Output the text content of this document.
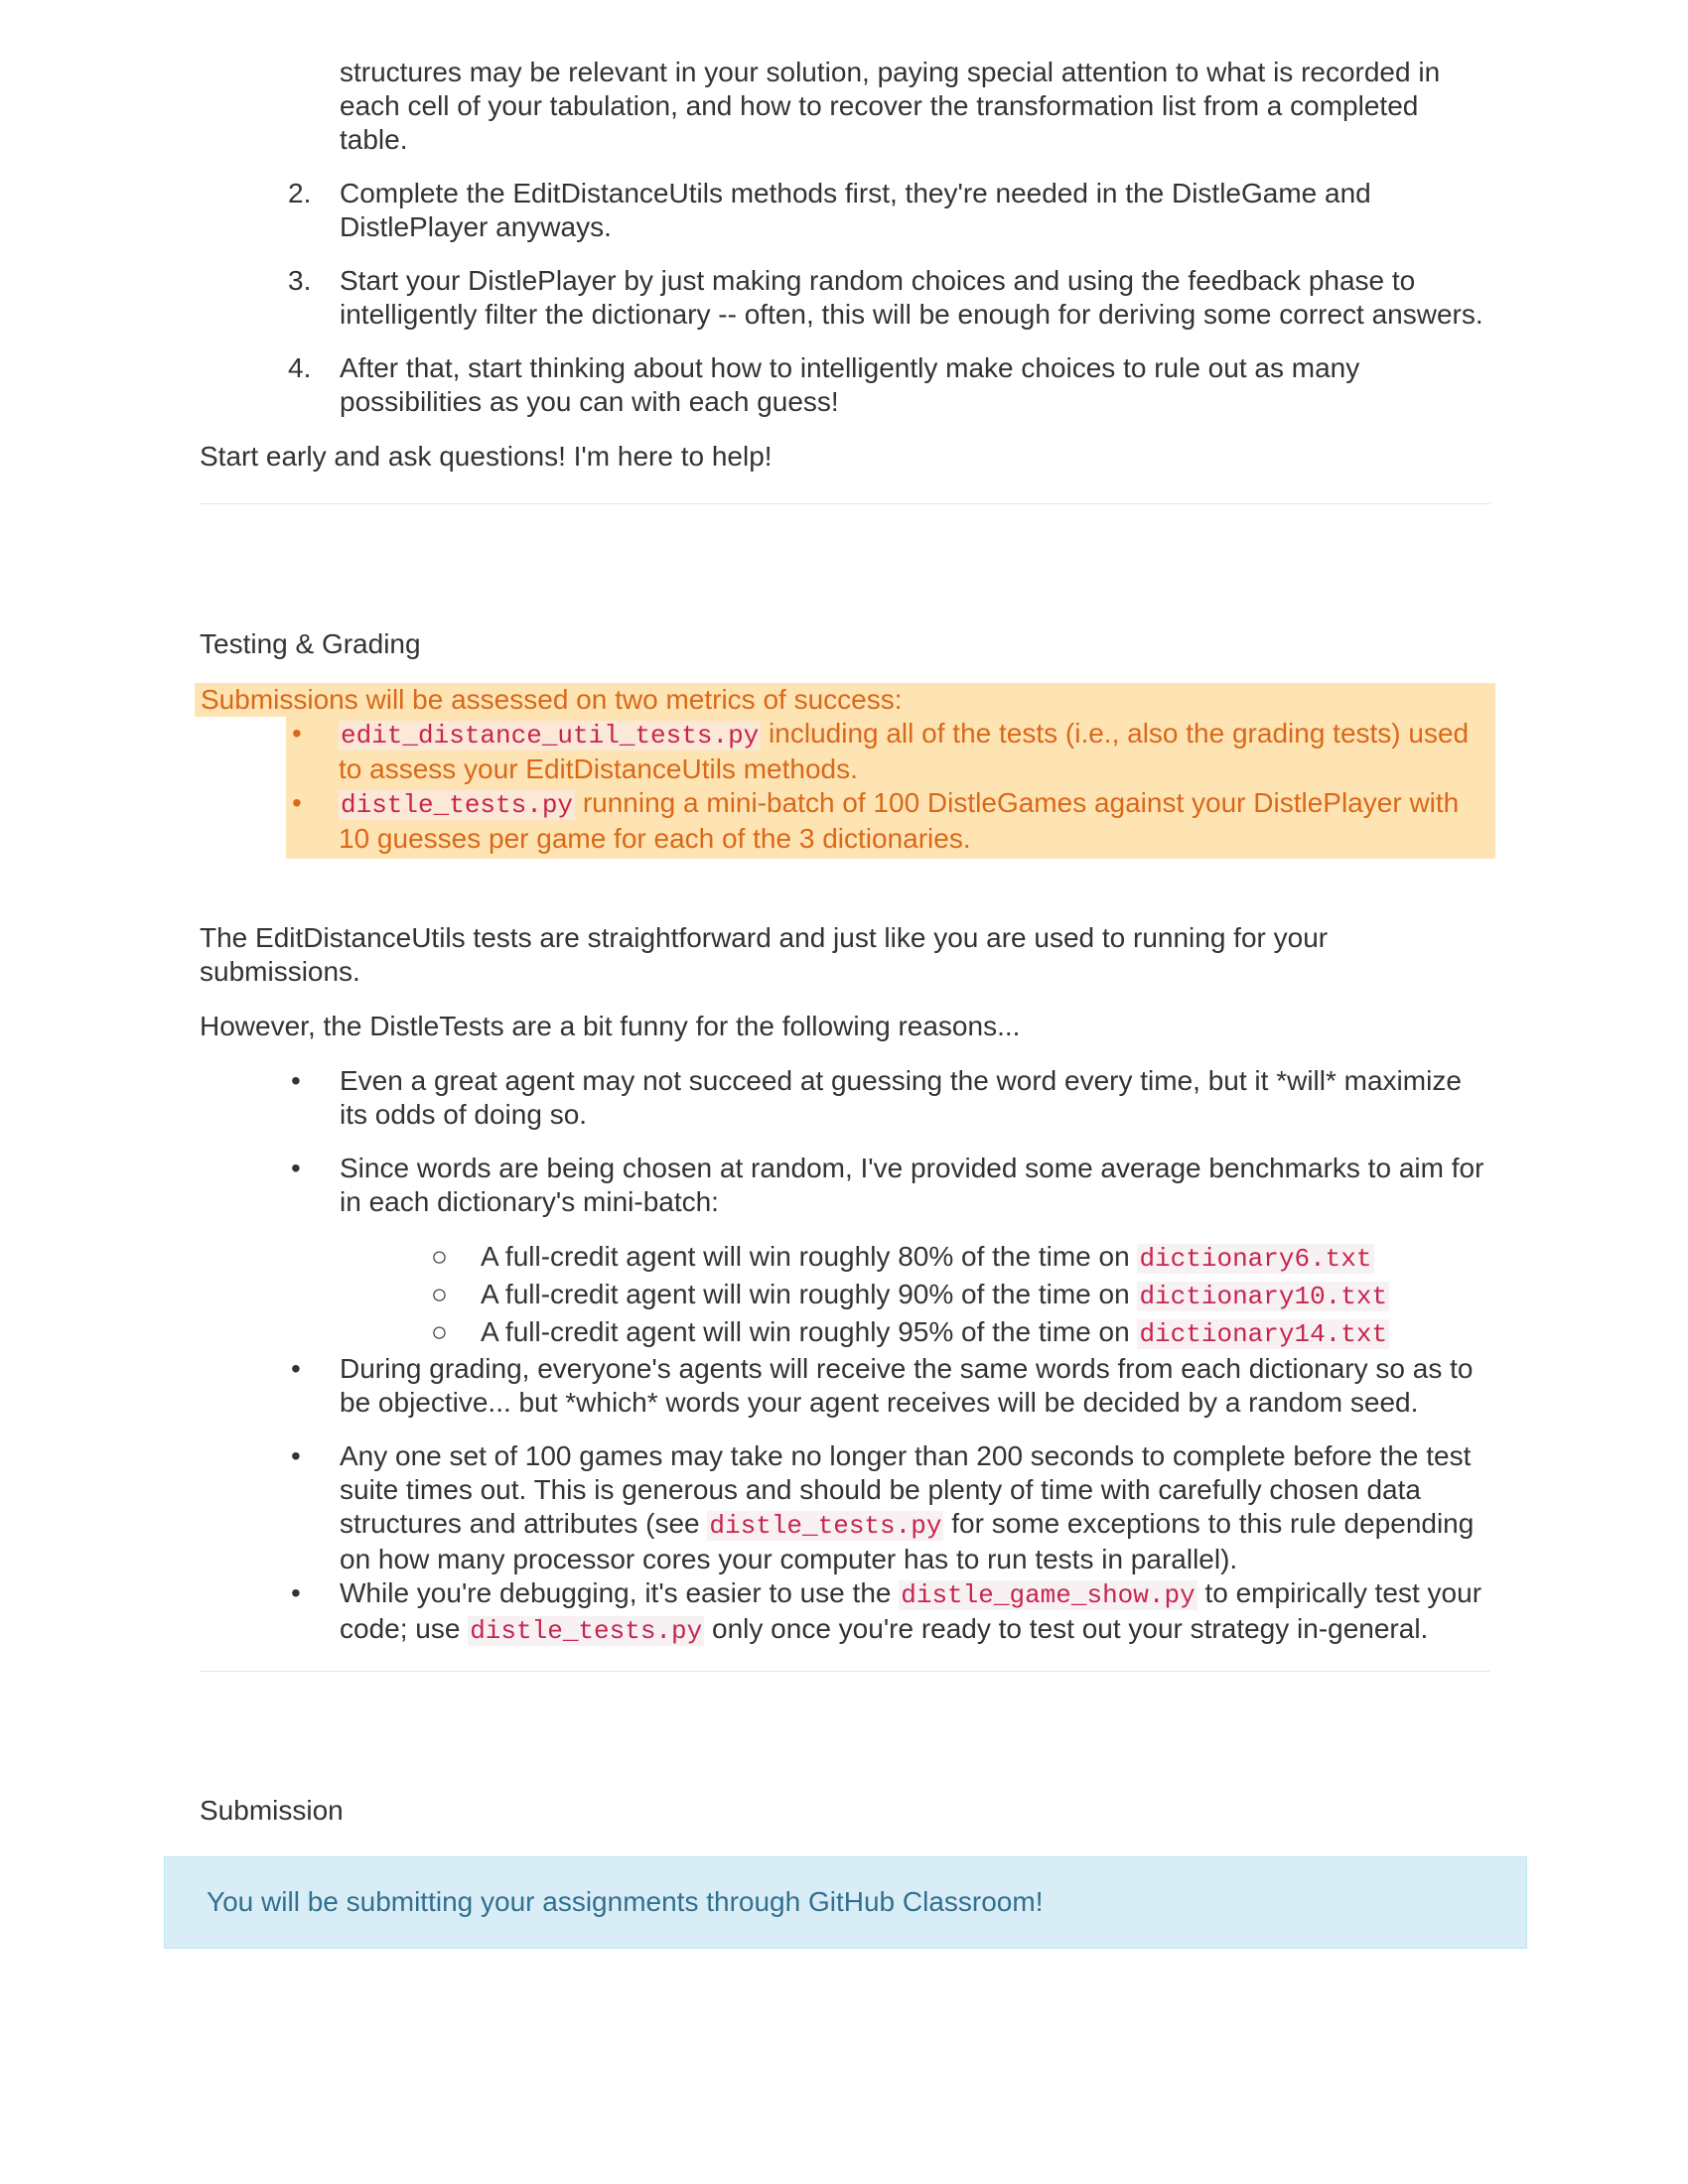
structures may be relevant in your solution, paying special attention to what is recorded in each cell of your tabulation, and how to recover the transformation list from a completed table.

2. Complete the EditDistanceUtils methods first, they're needed in the DistleGame and DistlePlayer anyways.
3. Start your DistlePlayer by just making random choices and using the feedback phase to intelligently filter the dictionary -- often, this will be enough for deriving some correct answers.
4. After that, start thinking about how to intelligently make choices to rule out as many possibilities as you can with each guess!

Start early and ask questions! I'm here to help!

Testing & Grading
Submissions will be assessed on two metrics of success:
• edit_distance_util_tests.py including all of the tests (i.e., also the grading tests) used to assess your EditDistanceUtils methods.
• distle_tests.py running a mini-batch of 100 DistleGames against your DistlePlayer with 10 guesses per game for each of the 3 dictionaries.

The EditDistanceUtils tests are straightforward and just like you are used to running for your submissions.

However, the DistleTests are a bit funny for the following reasons...

• Even a great agent may not succeed at guessing the word every time, but it *will* maximize its odds of doing so.
• Since words are being chosen at random, I've provided some average benchmarks to aim for in each dictionary's mini-batch:
○ A full-credit agent will win roughly 80% of the time on dictionary6.txt
○ A full-credit agent will win roughly 90% of the time on dictionary10.txt
○ A full-credit agent will win roughly 95% of the time on dictionary14.txt
• During grading, everyone's agents will receive the same words from each dictionary so as to be objective... but *which* words your agent receives will be decided by a random seed.
• Any one set of 100 games may take no longer than 200 seconds to complete before the test suite times out. This is generous and should be plenty of time with carefully chosen data structures and attributes (see distle_tests.py for some exceptions to this rule depending on how many processor cores your computer has to run tests in parallel).
• While you're debugging, it's easier to use the distle_game_show.py to empirically test your code; use distle_tests.py only once you're ready to test out your strategy in-general.
Submission
You will be submitting your assignments through GitHub Classroom!
